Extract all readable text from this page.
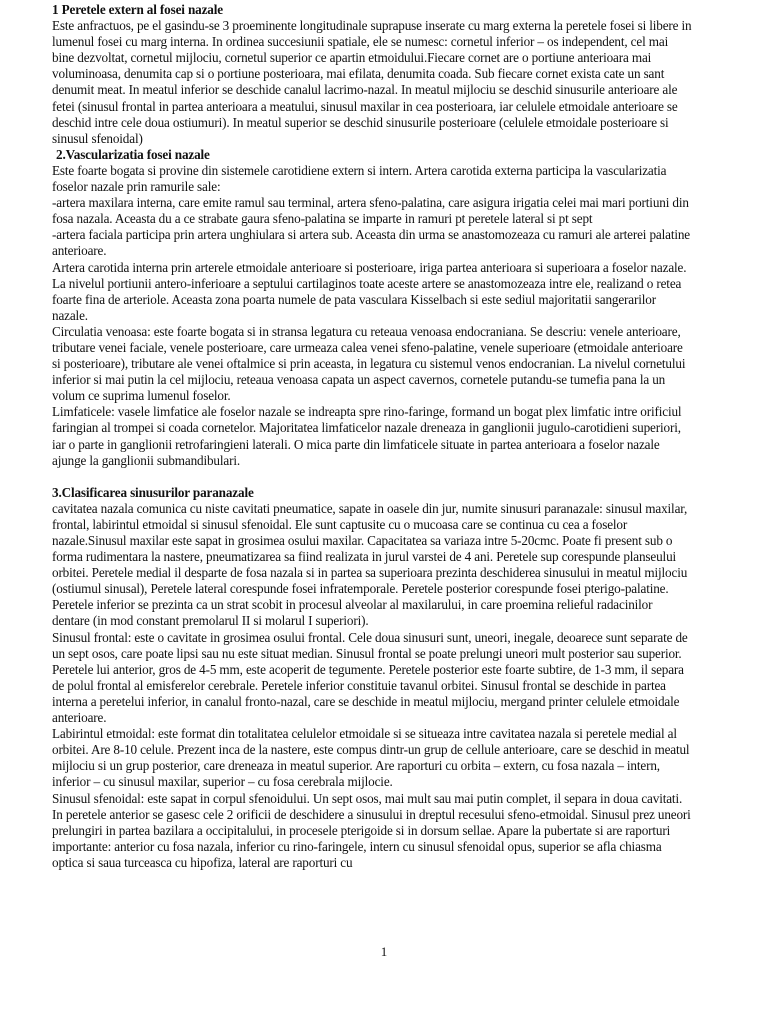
1 Peretele extern al fosei nazale

Este anfractuos, pe el gasindu-se 3 proeminente longitudinale suprapuse inserate cu marg externa la peretele fosei si libere in lumenul fosei cu marg interna. In ordinea succesiunii spatiale, ele se numesc: cornetul inferior – os independent, cel mai bine dezvoltat, cornetul mijlociu, cornetul superior ce apartin etmoidului.Fiecare cornet are o portiune anterioara mai voluminoasa, denumita cap si o portiune posterioara, mai efilata, denumita coada. Sub fiecare cornet exista cate un sant denumit meat. In meatul inferior se deschide canalul lacrimo-nazal. In meatul mijlociu se deschid sinusurile anterioare ale fetei (sinusul frontal in partea anterioara a meatului, sinusul maxilar in cea posterioara, iar celulele etmoidale anterioare se deschid intre cele doua ostiumuri). In meatul superior se deschid sinusurile posterioare (celulele etmoidale posterioare si sinusul sfenoidal)

2.Vascularizatia fosei nazale

Este foarte bogata si provine din sistemele carotidiene extern si intern. Artera carotida externa participa la vascularizatia foselor nazale prin ramurile sale:

-artera maxilara interna, care emite ramul sau terminal, artera sfeno-palatina, care asigura irigatia celei mai mari portiuni din fosa nazala. Aceasta du a ce strabate gaura sfeno-palatina se imparte in ramuri pt peretele lateral si pt sept

-artera faciala participa prin artera unghiulara si artera sub. Aceasta din urma se anastomozeaza cu ramuri ale arterei palatine anterioare.

Artera carotida interna prin arterele etmoidale anterioare si posterioare, iriga partea anterioara si superioara a foselor nazale. La nivelul portiunii antero-inferioare a septului cartilaginos toate aceste artere se anastomozeaza intre ele, realizand o retea foarte fina de arteriole. Aceasta zona poarta numele de pata vasculara Kisselbach si este sediul majoritatii sangerarilor nazale.

Circulatia venoasa: este foarte bogata si in stransa legatura cu reteaua venoasa endocraniana. Se descriu: venele anterioare, tributare venei faciale, venele posterioare, care urmeaza calea venei sfeno-palatine, venele superioare (etmoidale anterioare si posterioare), tributare ale venei oftalmice si prin aceasta, in legatura cu sistemul venos endocranian. La nivelul cornetului inferior si mai putin la cel mijlociu, reteaua venoasa capata un aspect cavernos, cornetele putandu-se tumefia pana la un volum ce suprima lumenul foselor.

Limfaticele: vasele limfatice ale foselor nazale se indreapta spre rino-faringe, formand un bogat plex limfatic intre orificiul faringian al trompei si coada cornetelor. Majoritatea limfaticelor nazale dreneaza in ganglionii jugulo-carotidieni superiori, iar o parte in ganglionii retrofaringieni laterali. O mica parte din limfaticele situate in partea anterioara a foselor nazale ajunge la ganglionii submandibulari.

3.Clasificarea sinusurilor paranazale

cavitatea nazala comunica cu niste cavitati pneumatice, sapate in oasele din jur, numite sinusuri paranazale: sinusul maxilar, frontal, labirintul etmoidal si sinusul sfenoidal. Ele sunt captusite cu o mucoasa care se continua cu cea a foselor nazale.Sinusul maxilar este sapat in grosimea osului maxilar. Capacitatea sa variaza intre 5-20cmc. Poate fi present sub o forma rudimentara la nastere, pneumatizarea sa fiind realizata in jurul varstei de 4 ani. Peretele sup corespunde planseului orbitei. Peretele medial il desparte de fosa nazala si in partea sa superioara prezinta deschiderea sinusului in meatul mijlociu (ostiumul sinusal), Peretele lateral corespunde fosei infratemporale. Peretele posterior corespunde fosei pterigo-palatine. Peretele inferior se prezinta ca un strat scobit in procesul alveolar al maxilarului, in care proemina relieful radacinilor dentare (in mod constant premolarul II si molarul I superiori).

Sinusul frontal: este o cavitate in grosimea osului frontal. Cele doua sinusuri sunt, uneori, inegale, deoarece sunt separate de un sept osos, care poate lipsi sau nu este situat median. Sinusul frontal se poate prelungi uneori mult posterior sau superior. Peretele lui anterior, gros de 4-5 mm, este acoperit de tegumente. Peretele posterior este foarte subtire, de 1-3 mm, il separa de polul frontal al emisferelor cerebrale. Peretele inferior constituie tavanul orbitei. Sinusul frontal se deschide in partea interna a peretelui inferior, in canalul fronto-nazal, care se deschide in meatul mijlociu, mergand printer celulele etmoidale anterioare.

Labirintul etmoidal: este format din totalitatea celulelor etmoidale si se situeaza intre cavitatea nazala si peretele medial al orbitei. Are 8-10 celule. Prezent inca de la nastere, este compus dintr-un grup de cellule anterioare, care se deschid in meatul mijlociu si un grup posterior, care dreneaza in meatul superior. Are raporturi cu orbita – extern, cu fosa nazala – intern, inferior – cu sinusul maxilar, superior – cu fosa cerebrala mijlocie.

Sinusul sfenoidal: este sapat in corpul sfenoidului. Un sept osos, mai mult sau mai putin complet, il separa in doua cavitati. In peretele anterior se gasesc cele 2 orificii de deschidere a sinusului in dreptul recesului sfeno-etmoidal. Sinusul prez uneori prelungiri in partea bazilara a occipitalului, in procesele pterigoide si in dorsum sellae. Apare la pubertate si are raporturi importante: anterior cu fosa nazala, inferior cu rino-faringele, intern cu sinusul sfenoidal opus, superior se afla chiasma optica si saua turceasca cu hipofiza, lateral are raporturi cu

1
